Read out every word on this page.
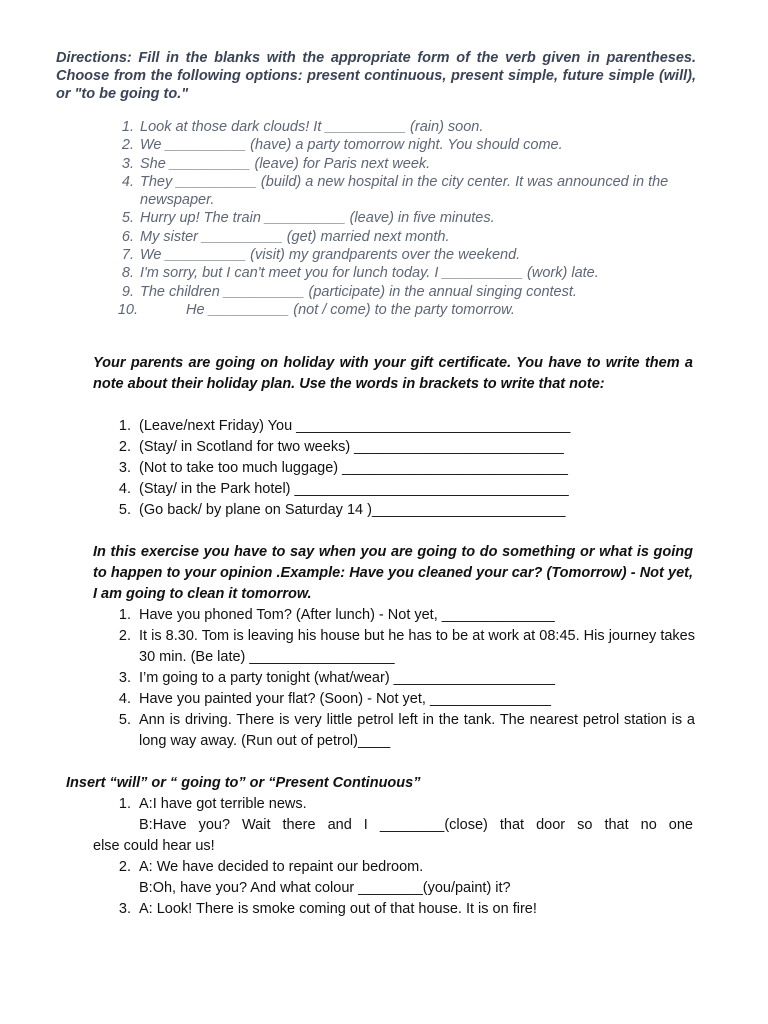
Directions: Fill in the blanks with the appropriate form of the verb given in parentheses. Choose from the following options: present continuous, present simple, future simple (will), or "to be going to."

1. Look at those dark clouds! It __________ (rain) soon.
2. We __________ (have) a party tomorrow night. You should come.
3. She __________ (leave) for Paris next week.
4. They __________ (build) a new hospital in the city center. It was announced in the newspaper.
5. Hurry up! The train __________ (leave) in five minutes.
6. My sister __________ (get) married next month.
7. We __________ (visit) my grandparents over the weekend.
8. I'm sorry, but I can't meet you for lunch today. I __________ (work) late.
9. The children __________ (participate) in the annual singing contest.
10.	He __________ (not / come) to the party tomorrow.

Your parents are going on holiday with your gift certificate. You have to write them a note about their holiday plan. Use the words in brackets to write that note:

1. (Leave/next Friday) You __________________________________
2. (Stay/ in Scotland for two weeks) __________________________
3. (Not to take too much luggage) ____________________________
4. (Stay/ in the Park hotel) __________________________________
5. (Go back/ by plane on Saturday 14 )________________________

In this exercise you have to say when you are going to do something or what is going to happen to your opinion .Example: Have you cleaned your car? (Tomorrow) - Not yet, I am going to clean it tomorrow.

1. Have you phoned Tom? (After lunch) - Not yet, ______________
2. It is 8.30. Tom is leaving his house but he has to be at work at 08:45. His journey takes 30 min. (Be late) __________________
3. I’m going to a party tonight (what/wear) ____________________
4. Have you painted your flat? (Soon) - Not yet, _______________
5. Ann is driving. There is very little petrol left in the tank. The nearest petrol station is a long way away. (Run out of petrol)____

Insert “will” or “ going to” or “Present Continuous”

1. A:I have got terrible news.
B:Have you? Wait there and I ________(close) that door so that no one
else could hear us!
2. A: We have decided to repaint our bedroom.
B:Oh, have you? And what colour ________(you/paint) it?
3. A: Look! There is smoke coming out of that house. It is on fire!
